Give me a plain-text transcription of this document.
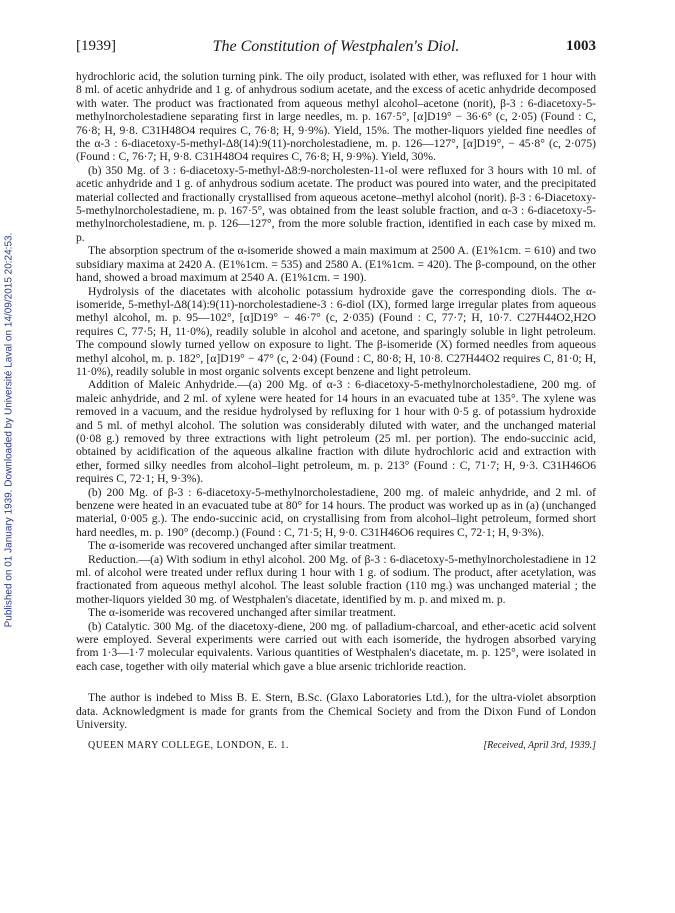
Published on 01 January 1939. Downloaded by Université Laval on 14/09/2015 20:24:53.
[1939]	The Constitution of Westphalen's Diol.	1003

hydrochloric acid, the solution turning pink. The oily product, isolated with ether, was refluxed for 1 hour with 8 ml. of acetic anhydride and 1 g. of anhydrous sodium acetate, and the excess of acetic anhydride decomposed with water. The product was fractionated from aqueous methyl alcohol–acetone (norit), β-3 : 6-diacetoxy-5-methylnorcholestadiene separating first in large needles, m. p. 167·5°, [α]D19° − 36·6° (c, 2·05) (Found : C, 76·8; H, 9·8. C31H48O4 requires C, 76·8; H, 9·9%). Yield, 15%. The mother-liquors yielded fine needles of the α-3 : 6-diacetoxy-5-methyl-Δ8(14):9(11)-norcholestadiene, m. p. 126—127°, [α]D19°, − 45·8° (c, 2·075) (Found : C, 76·7; H, 9·8. C31H48O4 requires C, 76·8; H, 9·9%). Yield, 30%.

(b) 350 Mg. of 3 : 6-diacetoxy-5-methyl-Δ8:9-norcholesten-11-ol were refluxed for 3 hours with 10 ml. of acetic anhydride and 1 g. of anhydrous sodium acetate. The product was poured into water, and the precipitated material collected and fractionally crystallised from aqueous acetone–methyl alcohol (norit). β-3 : 6-Diacetoxy-5-methylnorcholestadiene, m. p. 167·5°, was obtained from the least soluble fraction, and α-3 : 6-diacetoxy-5-methylnorcholestadiene, m. p. 126—127°, from the more soluble fraction, identified in each case by mixed m. p.

The absorption spectrum of the α-isomeride showed a main maximum at 2500 A. (E1%1cm. = 610) and two subsidiary maxima at 2420 A. (E1%1cm. = 535) and 2580 A. (E1%1cm. = 420). The β-compound, on the other hand, showed a broad maximum at 2540 A. (E1%1cm. = 190).

Hydrolysis of the diacetates with alcoholic potassium hydroxide gave the corresponding diols. The α-isomeride, 5-methyl-Δ8(14):9(11)-norcholestadiene-3 : 6-diol (IX), formed large irregular plates from aqueous methyl alcohol, m. p. 95—102°, [α]D19° − 46·7° (c, 2·035) (Found : C, 77·7; H, 10·7. C27H44O2,H2O requires C, 77·5; H, 11·0%), readily soluble in alcohol and acetone, and sparingly soluble in light petroleum. The compound slowly turned yellow on exposure to light. The β-isomeride (X) formed needles from aqueous methyl alcohol, m. p. 182°, [α]D19° − 47° (c, 2·04) (Found : C, 80·8; H, 10·8. C27H44O2 requires C, 81·0; H, 11·0%), readily soluble in most organic solvents except benzene and light petroleum.

Addition of Maleic Anhydride.—(a) 200 Mg. of α-3 : 6-diacetoxy-5-methylnorcholestadiene, 200 mg. of maleic anhydride, and 2 ml. of xylene were heated for 14 hours in an evacuated tube at 135°. The xylene was removed in a vacuum, and the residue hydrolysed by refluxing for 1 hour with 0·5 g. of potassium hydroxide and 5 ml. of methyl alcohol. The solution was considerably diluted with water, and the unchanged material (0·08 g.) removed by three extractions with light petroleum (25 ml. per portion). The endo-succinic acid, obtained by acidification of the aqueous alkaline fraction with dilute hydrochloric acid and extraction with ether, formed silky needles from alcohol–light petroleum, m. p. 213° (Found : C, 71·7; H, 9·3. C31H46O6 requires C, 72·1; H, 9·3%).

(b) 200 Mg. of β-3 : 6-diacetoxy-5-methylnorcholestadiene, 200 mg. of maleic anhydride, and 2 ml. of benzene were heated in an evacuated tube at 80° for 14 hours. The product was worked up as in (a) (unchanged material, 0·005 g.). The endo-succinic acid, on crystallising from from alcohol–light petroleum, formed short hard needles, m. p. 190° (decomp.) (Found : C, 71·5; H, 9·0. C31H46O6 requires C, 72·1; H, 9·3%).

The α-isomeride was recovered unchanged after similar treatment.

Reduction.—(a) With sodium in ethyl alcohol. 200 Mg. of β-3 : 6-diacetoxy-5-methylnorcholestadiene in 12 ml. of alcohol were treated under reflux during 1 hour with 1 g. of sodium. The product, after acetylation, was fractionated from aqueous methyl alcohol. The least soluble fraction (110 mg.) was unchanged material ; the mother-liquors yielded 30 mg. of Westphalen's diacetate, identified by m. p. and mixed m. p.

The α-isomeride was recovered unchanged after similar treatment.

(b) Catalytic. 300 Mg. of the diacetoxy-diene, 200 mg. of palladium-charcoal, and ether-acetic acid solvent were employed. Several experiments were carried out with each isomeride, the hydrogen absorbed varying from 1·3—1·7 molecular equivalents. Various quantities of Westphalen's diacetate, m. p. 125°, were isolated in each case, together with oily material which gave a blue arsenic trichloride reaction.

The author is indebed to Miss B. E. Stern, B.Sc. (Glaxo Laboratories Ltd.), for the ultra-violet absorption data. Acknowledgment is made for grants from the Chemical Society and from the Dixon Fund of London University.

QUEEN MARY COLLEGE, LONDON, E. 1.	[Received, April 3rd, 1939.]
